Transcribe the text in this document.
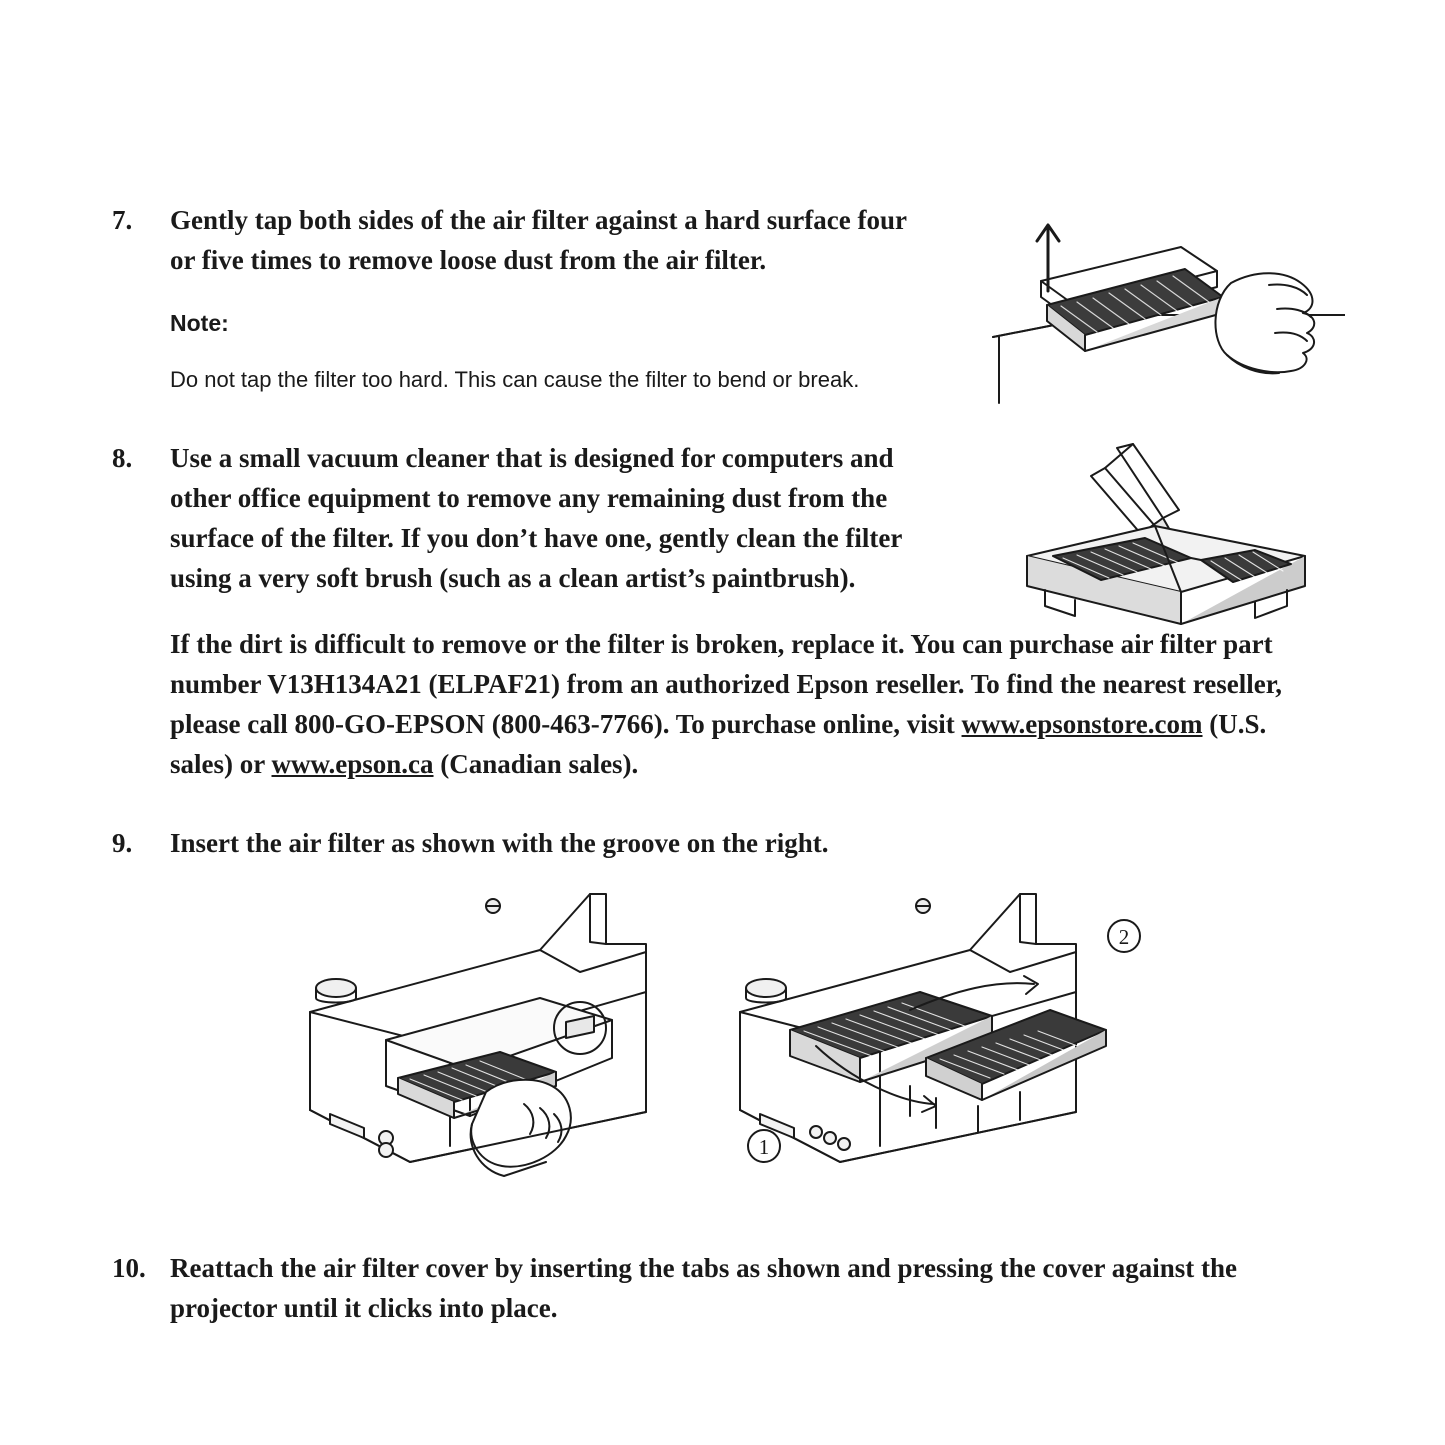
7.	Gently tap both sides of the air filter against a hard surface four or five times to remove loose dust from the air filter.

Note:

Do not tap the filter too hard. This can cause the filter to bend or break.

8.	Use a small vacuum cleaner that is designed for computers and other office equipment to remove any remaining dust from the surface of the filter. If you don’t have one, gently clean the filter using a very soft brush (such as a clean artist’s paintbrush).

If the dirt is difficult to remove or the filter is broken, replace it. You can purchase air filter part number V13H134A21 (ELPAF21) from an authorized Epson reseller. To find the nearest reseller, please call 800-GO-EPSON (800-463-7766). To purchase online, visit www.epsonstore.com (U.S. sales) or www.epson.ca (Canadian sales).

9.	Insert the air filter as shown with the groove on the right.

1
2
10. Reattach the air filter cover by inserting the tabs as shown and pressing the cover against the projector until it clicks into place.
